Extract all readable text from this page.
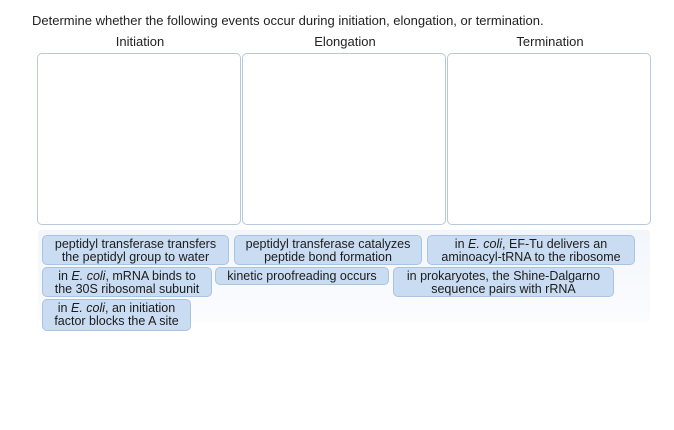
Determine whether the following events occur during initiation, elongation, or termination.
Initiation	Elongation	Termination
peptidyl transferase transfers
the peptidyl group to water
peptidyl transferase catalyzes
peptide bond formation
in E. coli, EF-Tu delivers an
aminoacyl-tRNA to the ribosome
in E. coli, mRNA binds to
the 30S ribosomal subunit
kinetic proofreading occurs	in prokaryotes, the Shine-Dalgarno
sequence pairs with rRNA
in E. coli, an initiation
factor blocks the A site
